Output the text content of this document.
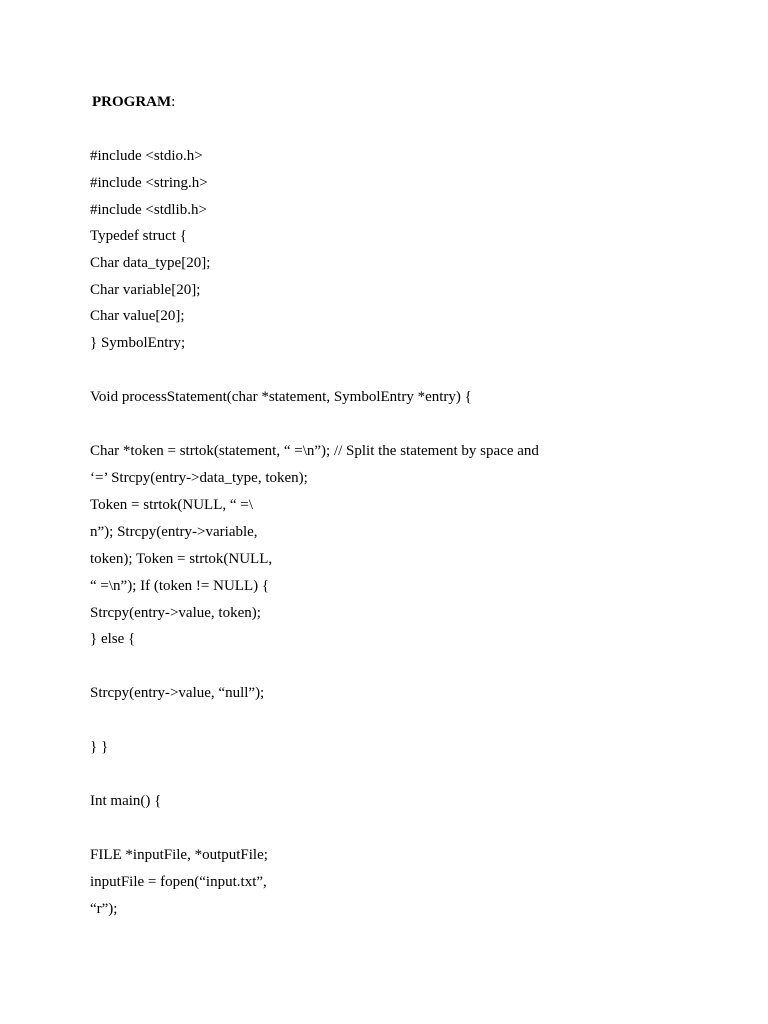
PROGRAM:
#include <stdio.h>
#include <string.h>
#include <stdlib.h>
Typedef struct {
Char data_type[20];
Char variable[20];
Char value[20];
} SymbolEntry;
Void processStatement(char *statement, SymbolEntry *entry) {
Char *token = strtok(statement, “ =\n”); // Split the statement by space and
‘=’ Strcpy(entry->data_type, token);
Token = strtok(NULL, “ =\
n”); Strcpy(entry->variable,
token); Token = strtok(NULL,
“ =\n”); If (token != NULL) {
Strcpy(entry->value, token);
} else {
Strcpy(entry->value, “null”);
} }
Int main() {
FILE *inputFile, *outputFile;
inputFile = fopen(“input.txt”,
“r”);
